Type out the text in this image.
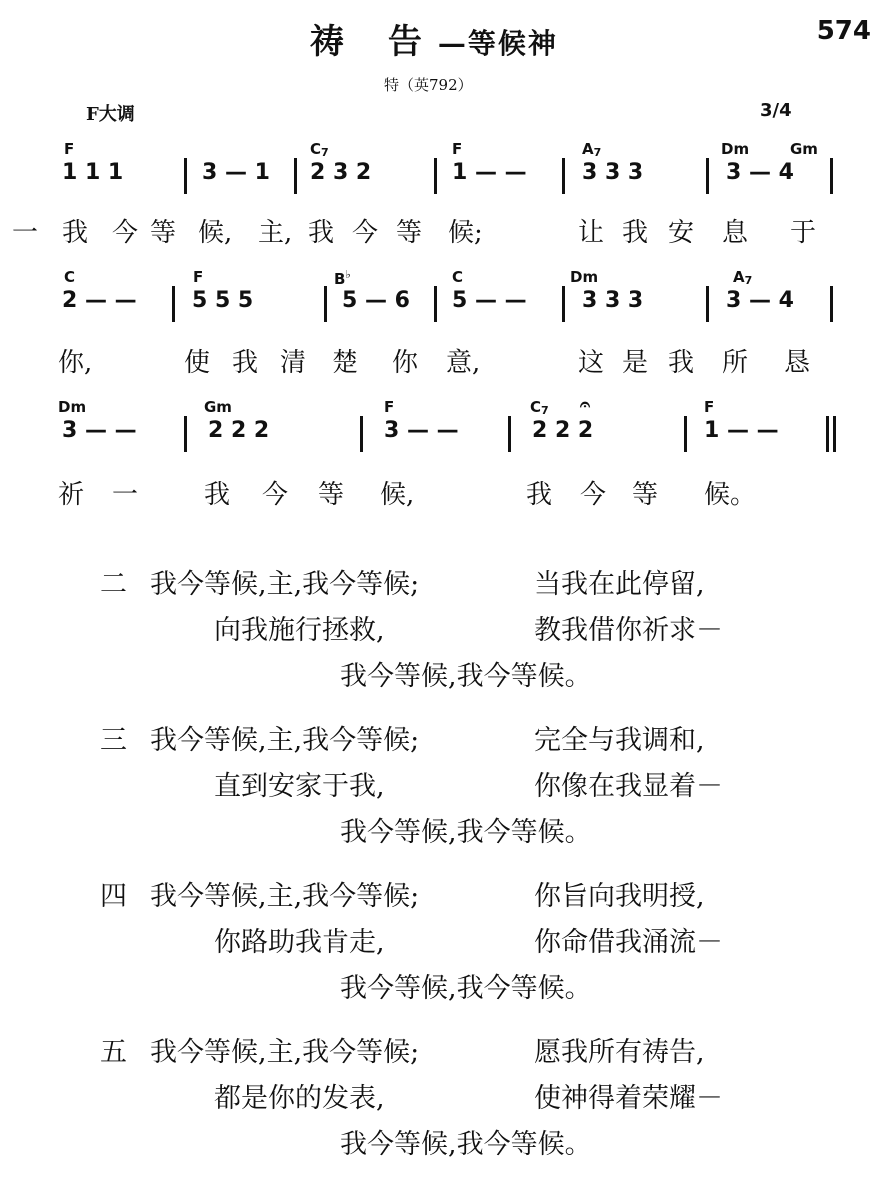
祷 告—等候神	574
特（英792）
F大调	3/4
F	$C_7$	F	$A_7$	Dm	Gm
1 1 1	3 — 1 2 3 2	1 — —	3 3 3	3 — 4
一 我 今 等 候, 主, 我 今 等 候;	让 我 安 息 于
C	F	B♭	C	Dm	$A_7$
2 — —	5 5 5	5 — 6 5 — —	3 3 3	3 — 4
你,	使 我 清 楚 你 意,	这 是 我 所 恳
Dm	Gm	F	$C_7$ 𝄐	F
3 — —	2 2 2	3 — —	2 2 2	1 — —
祈 一	我 今 等 候,	我 今 等 候。
二 我今等候,主,我今等候;	当我在此停留,
向我施行拯救,	教我借你祈求－
我今等候,我今等候。
三 我今等候,主,我今等候;	完全与我调和,
直到安家于我,	你像在我显着－
我今等候,我今等候。
四 我今等候,主,我今等候;	你旨向我明授,
你路助我肯走,	你命借我涌流－
我今等候,我今等候。
五 我今等候,主,我今等候;	愿我所有祷告,
都是你的发表,	使神得着荣耀－
我今等候,我今等候。
